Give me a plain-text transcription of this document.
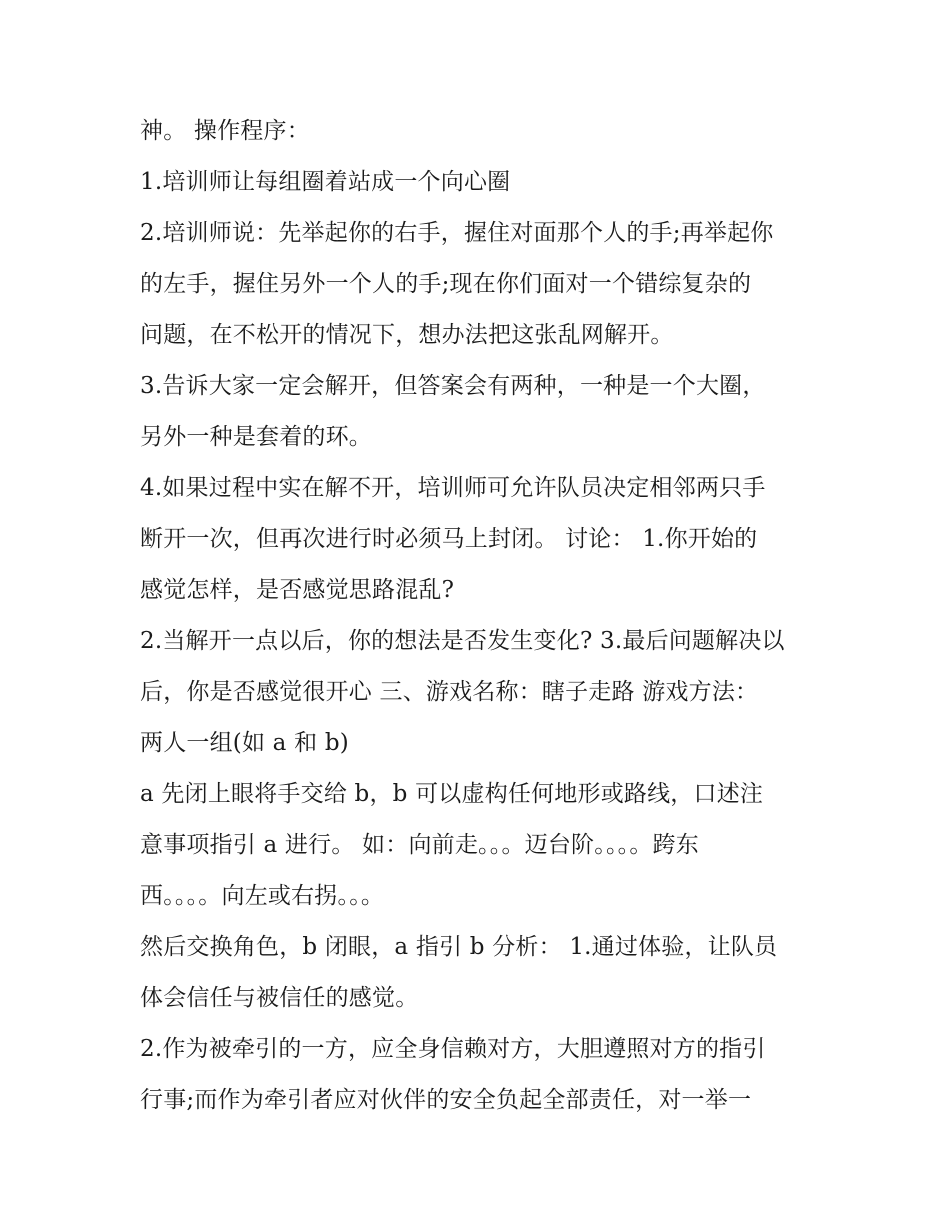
神。 操作程序：

1.培训师让每组圈着站成一个向心圈

2.培训师说：先举起你的右手，握住对面那个人的手;再举起你

的左手，握住另外一个人的手;现在你们面对一个错综复杂的

问题，在不松开的情况下，想办法把这张乱网解开。

3.告诉大家一定会解开，但答案会有两种，一种是一个大圈，

另外一种是套着的环。

4.如果过程中实在解不开，培训师可允许队员决定相邻两只手

断开一次，但再次进行时必须马上封闭。 讨论： 1.你开始的

感觉怎样，是否感觉思路混乱?

2.当解开一点以后，你的想法是否发生变化? 3.最后问题解决以

后，你是否感觉很开心 三、游戏名称：瞎子走路 游戏方法：

两人一组(如 a 和 b)

a 先闭上眼将手交给 b，b 可以虚构任何地形或路线，口述注

意事项指引 a 进行。 如：向前走。。。迈台阶。。。。跨东

西。。。。向左或右拐。。。

然后交换角色，b 闭眼，a 指引 b 分析： 1.通过体验，让队员

体会信任与被信任的感觉。

2.作为被牵引的一方，应全身信赖对方，大胆遵照对方的指引

行事;而作为牵引者应对伙伴的安全负起全部责任，对一举一
